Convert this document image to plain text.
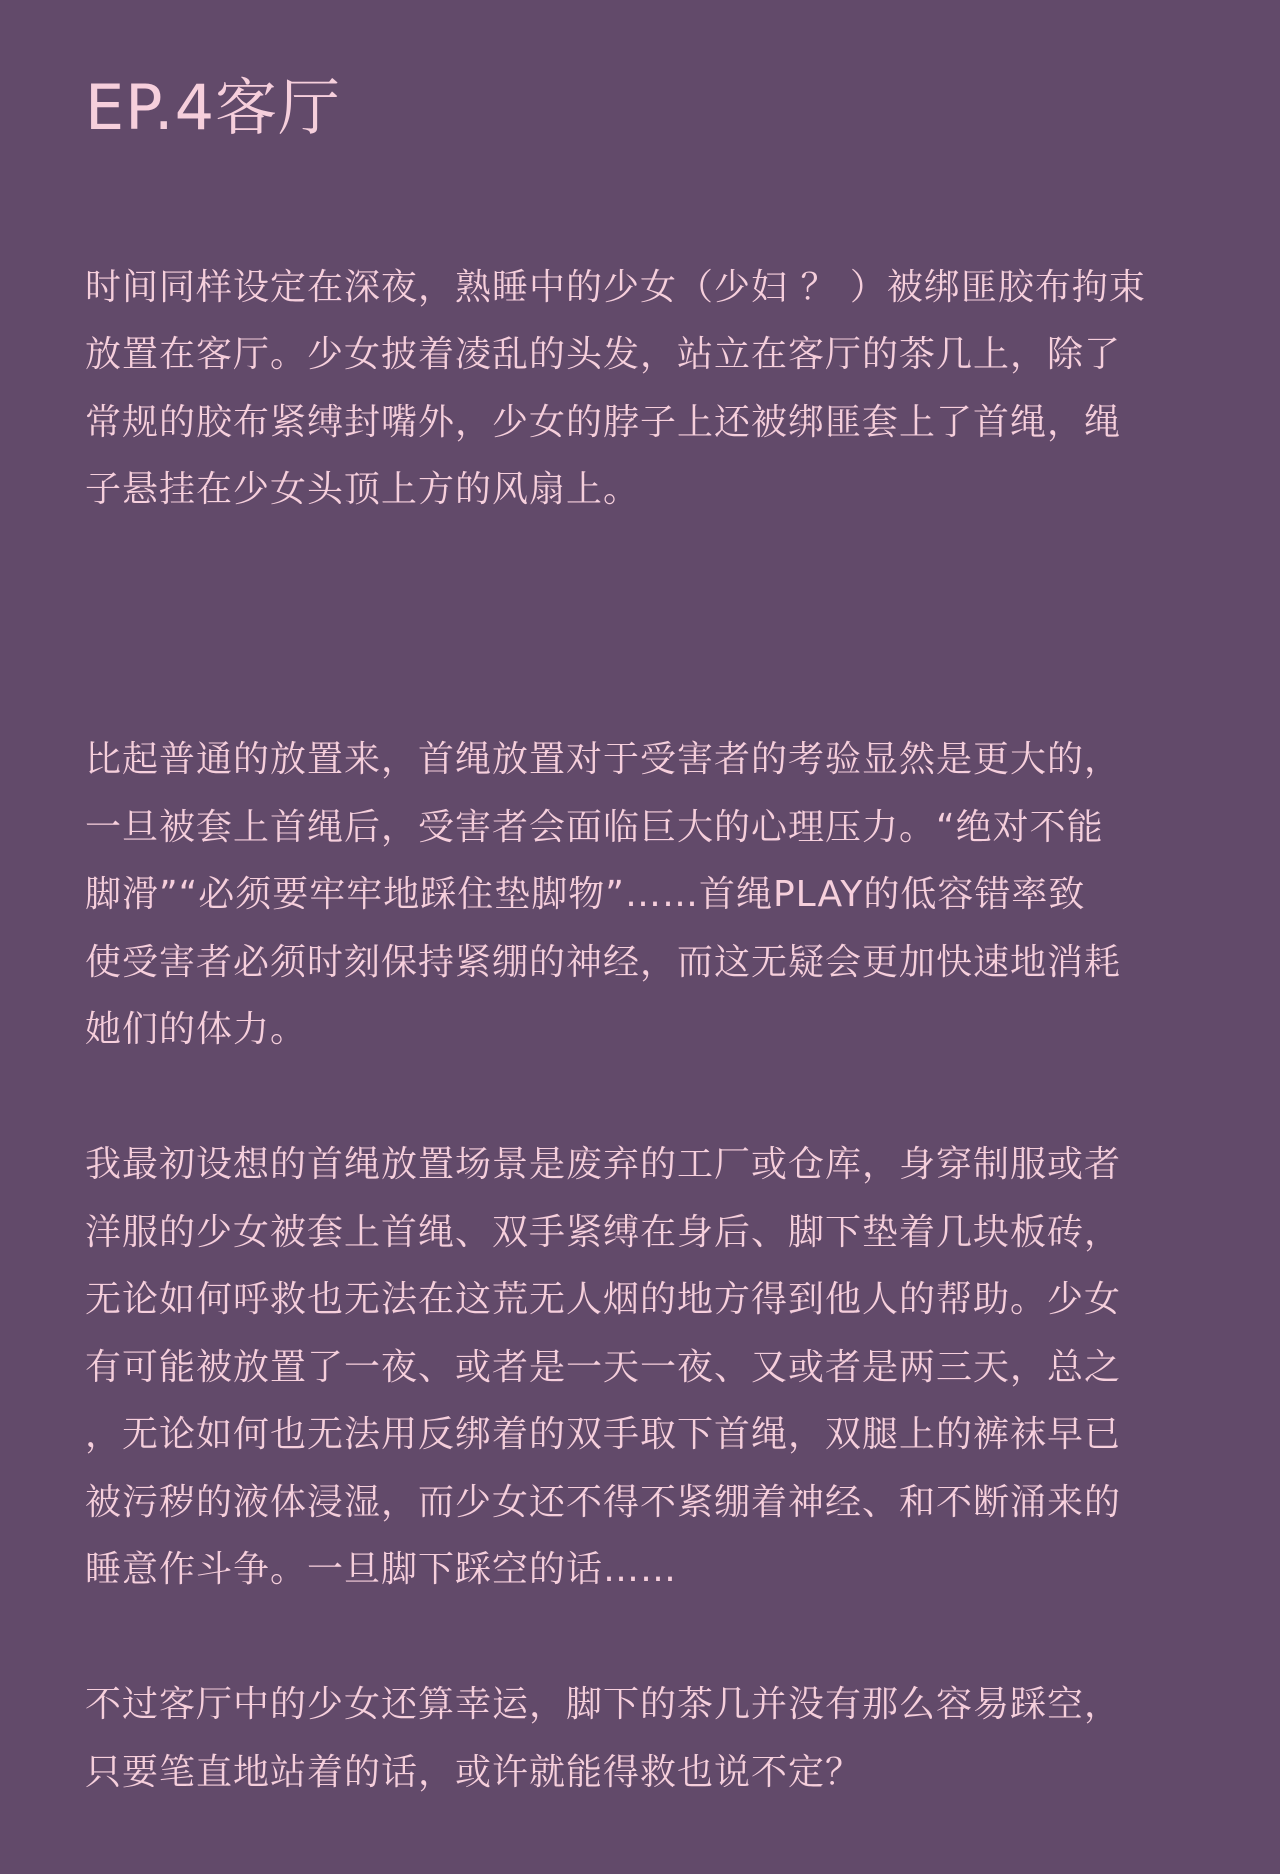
EP.4客厅

时间同样设定在深夜，熟睡中的少女（少妇 ？ ）被绑匪胶布拘束
放置在客厅。少女披着凌乱的头发，站立在客厅的茶几上，除了
常规的胶布紧缚封嘴外，少女的脖子上还被绑匪套上了首绳，绳
子悬挂在少女头顶上方的风扇上。

比起普通的放置来，首绳放置对于受害者的考验显然是更大的，
一旦被套上首绳后，受害者会面临巨大的心理压力。“绝对不能
脚滑”“必须要牢牢地踩住垫脚物”……首绳PLAY的低容错率致
使受害者必须时刻保持紧绷的神经，而这无疑会更加快速地消耗
她们的体力。

我最初设想的首绳放置场景是废弃的工厂或仓库，身穿制服或者
洋服的少女被套上首绳、双手紧缚在身后、脚下垫着几块板砖，
无论如何呼救也无法在这荒无人烟的地方得到他人的帮助。少女
有可能被放置了一夜、或者是一天一夜、又或者是两三天，总之
，无论如何也无法用反绑着的双手取下首绳，双腿上的裤袜早已
被污秽的液体浸湿，而少女还不得不紧绷着神经、和不断涌来的
睡意作斗争。一旦脚下踩空的话……

不过客厅中的少女还算幸运，脚下的茶几并没有那么容易踩空，
只要笔直地站着的话，或许就能得救也说不定？
